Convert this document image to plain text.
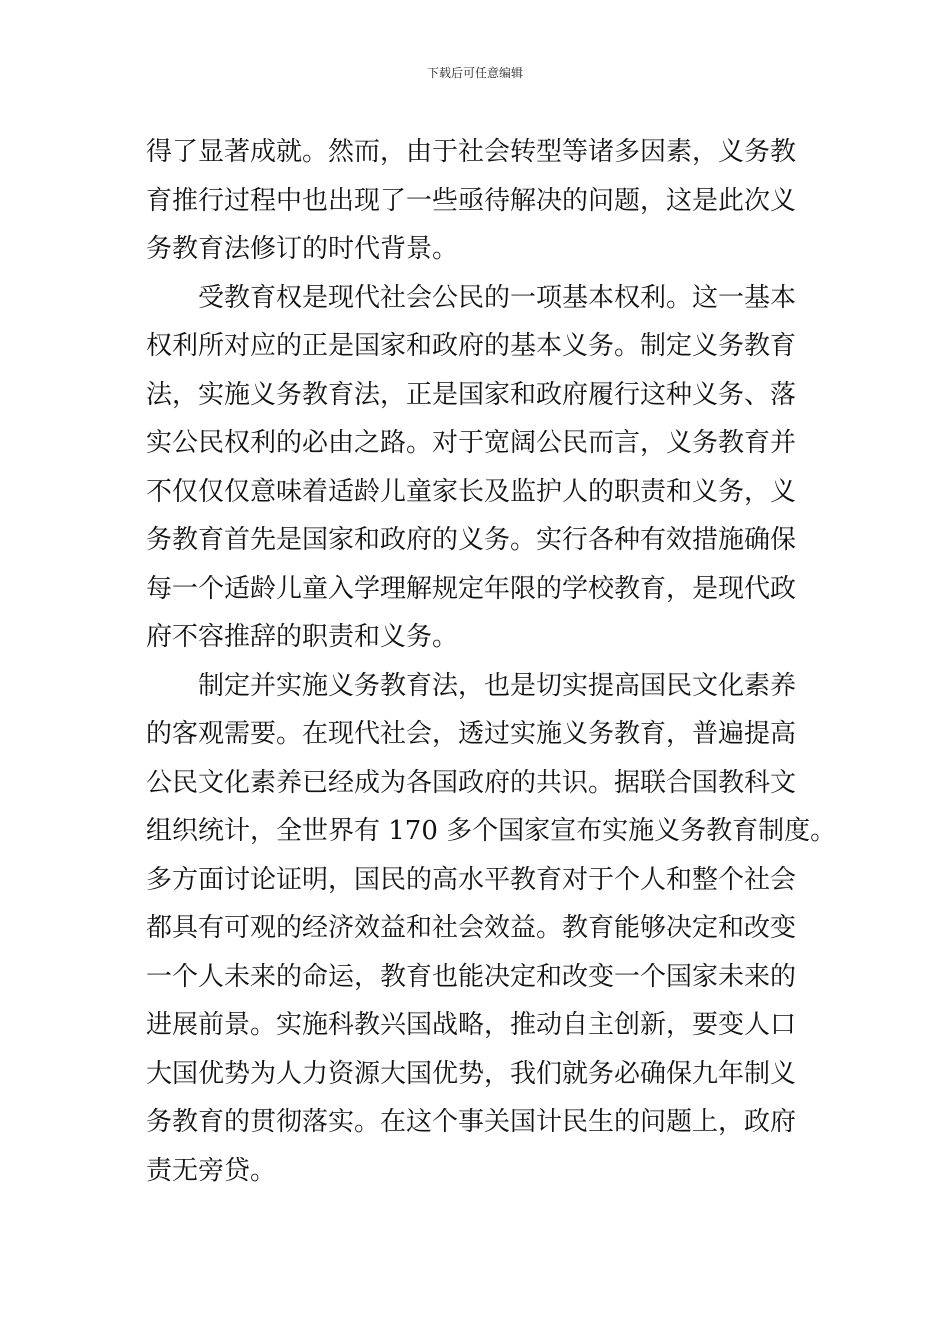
下载后可任意编辑
得了显著成就。然而，由于社会转型等诸多因素，义务教
育推行过程中也出现了一些亟待解决的问题，这是此次义
务教育法修订的时代背景。
受教育权是现代社会公民的一项基本权利。这一基本
权利所对应的正是国家和政府的基本义务。制定义务教育
法，实施义务教育法，正是国家和政府履行这种义务、落
实公民权利的必由之路。对于宽阔公民而言，义务教育并
不仅仅仅意味着适龄儿童家长及监护人的职责和义务，义
务教育首先是国家和政府的义务。实行各种有效措施确保
每一个适龄儿童入学理解规定年限的学校教育，是现代政
府不容推辞的职责和义务。
制定并实施义务教育法，也是切实提高国民文化素养
的客观需要。在现代社会，透过实施义务教育，普遍提高
公民文化素养已经成为各国政府的共识。据联合国教科文
组织统计，全世界有 170 多个国家宣布实施义务教育制度。
多方面讨论证明，国民的高水平教育对于个人和整个社会
都具有可观的经济效益和社会效益。教育能够决定和改变
一个人未来的命运，教育也能决定和改变一个国家未来的
进展前景。实施科教兴国战略，推动自主创新，要变人口
大国优势为人力资源大国优势，我们就务必确保九年制义
务教育的贯彻落实。在这个事关国计民生的问题上，政府
责无旁贷。
